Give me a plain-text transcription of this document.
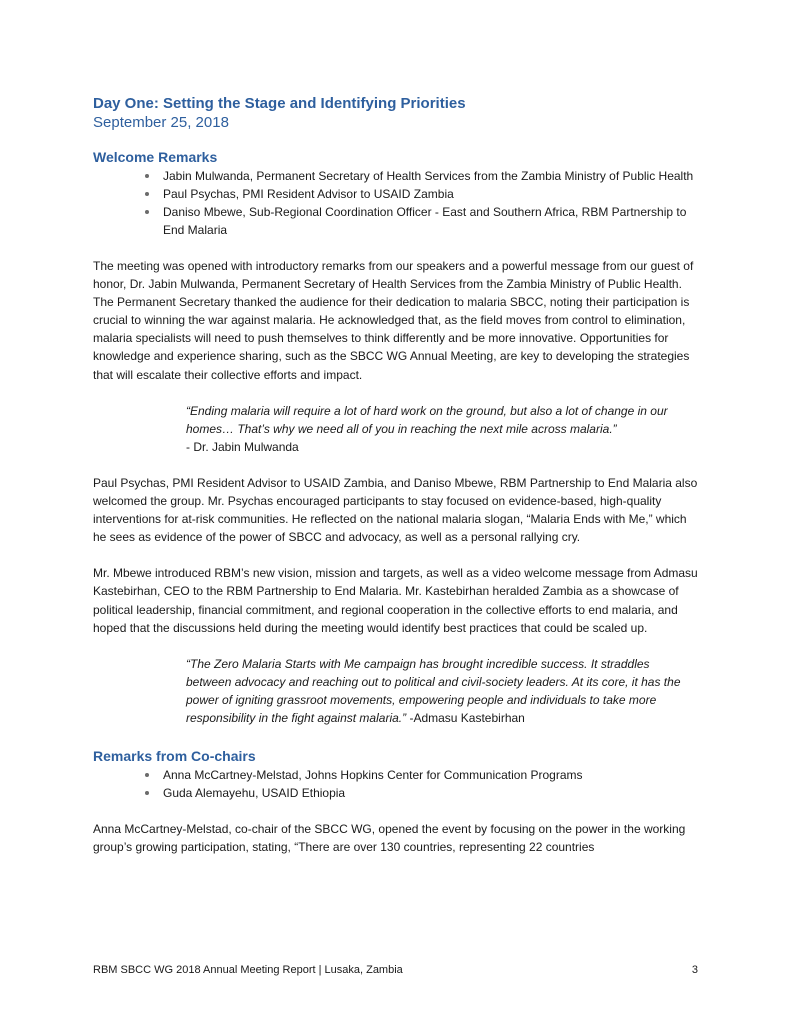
Day One: Setting the Stage and Identifying Priorities
September 25, 2018
Welcome Remarks
Jabin Mulwanda, Permanent Secretary of Health Services from the Zambia Ministry of Public Health
Paul Psychas, PMI Resident Advisor to USAID Zambia
Daniso Mbewe, Sub-Regional Coordination Officer - East and Southern Africa, RBM Partnership to End Malaria

The meeting was opened with introductory remarks from our speakers and a powerful message from our guest of honor, Dr. Jabin Mulwanda, Permanent Secretary of Health Services from the Zambia Ministry of Public Health. The Permanent Secretary thanked the audience for their dedication to malaria SBCC, noting their participation is crucial to winning the war against malaria. He acknowledged that, as the field moves from control to elimination, malaria specialists will need to push themselves to think differently and be more innovative. Opportunities for knowledge and experience sharing, such as the SBCC WG Annual Meeting, are key to developing the strategies that will escalate their collective efforts and impact.

“Ending malaria will require a lot of hard work on the ground, but also a lot of change in our homes… That’s why we need all of you in reaching the next mile across malaria.”
- Dr. Jabin Mulwanda

Paul Psychas, PMI Resident Advisor to USAID Zambia, and Daniso Mbewe, RBM Partnership to End Malaria also welcomed the group. Mr. Psychas encouraged participants to stay focused on evidence-based, high-quality interventions for at-risk communities. He reflected on the national malaria slogan, “Malaria Ends with Me,” which he sees as evidence of the power of SBCC and advocacy, as well as a personal rallying cry.

Mr. Mbewe introduced RBM’s new vision, mission and targets, as well as a video welcome message from Admasu Kastebirhan, CEO to the RBM Partnership to End Malaria. Mr. Kastebirhan heralded Zambia as a showcase of political leadership, financial commitment, and regional cooperation in the collective efforts to end malaria, and hoped that the discussions held during the meeting would identify best practices that could be scaled up.

“The Zero Malaria Starts with Me campaign has brought incredible success. It straddles between advocacy and reaching out to political and civil-society leaders. At its core, it has the power of igniting grassroot movements, empowering people and individuals to take more responsibility in the fight against malaria.” -Admasu Kastebirhan
Remarks from Co-chairs
Anna McCartney-Melstad, Johns Hopkins Center for Communication Programs
Guda Alemayehu, USAID Ethiopia

Anna McCartney-Melstad, co-chair of the SBCC WG, opened the event by focusing on the power in the working group’s growing participation, stating, “There are over 130 countries, representing 22 countries

RBM SBCC WG 2018 Annual Meeting Report | Lusaka, Zambia	3
